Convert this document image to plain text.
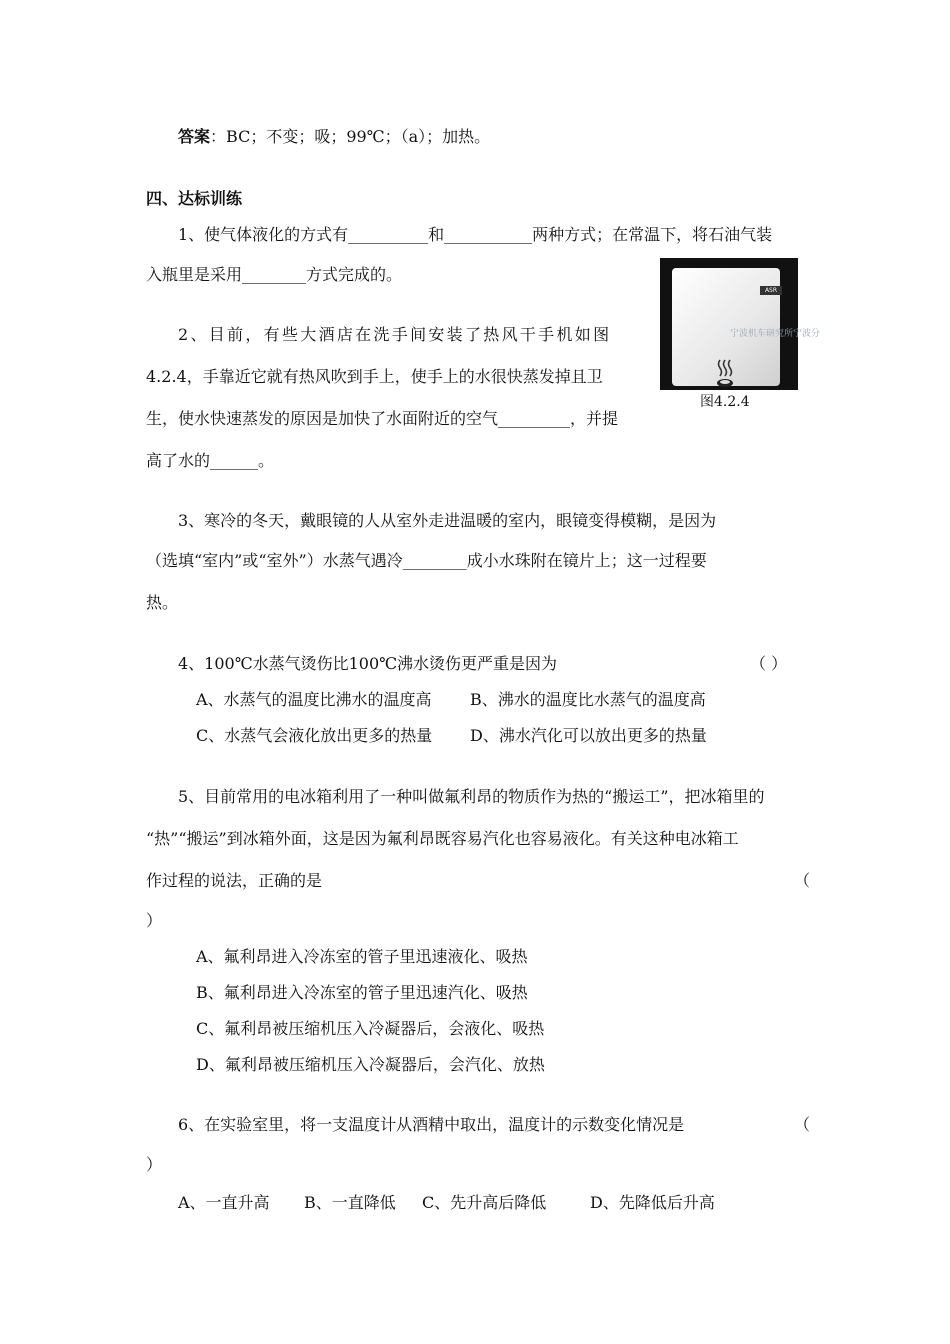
答案：BC；不变；吸；99℃；（a）；加热。
四、达标训练
1、使气体液化的方式有__________和___________两种方式；在常温下，将石油气装
入瓶里是采用________方式完成的。
ASR
宁波机车研究所宁波分
图4.2.4
2、目前，有些大酒店在洗手间安装了热风干手机如图
4.2.4，手靠近它就有热风吹到手上，使手上的水很快蒸发掉且卫
生，使水快速蒸发的原因是加快了水面附近的空气_________，并提
高了水的______。
3、寒冷的冬天，戴眼镜的人从室外走进温暖的室内，眼镜变得模糊，是因为
（选填“室内”或“室外”）水蒸气遇冷________成小水珠附在镜片上；这一过程要
热。
4、100℃水蒸气烫伤比100℃沸水烫伤更严重是因为	（ ）
A、水蒸气的温度比沸水的温度高 B、沸水的温度比水蒸气的温度高
C、水蒸气会液化放出更多的热量 D、沸水汽化可以放出更多的热量
5、目前常用的电冰箱利用了一种叫做氟利昂的物质作为热的“搬运工”，把冰箱里的
“热”“搬运”到冰箱外面，这是因为氟利昂既容易汽化也容易液化。有关这种电冰箱工
作过程的说法，正确的是	（
）
A、氟利昂进入冷冻室的管子里迅速液化、吸热
B、氟利昂进入冷冻室的管子里迅速汽化、吸热
C、氟利昂被压缩机压入冷凝器后，会液化、吸热
D、氟利昂被压缩机压入冷凝器后，会汽化、放热
6、在实验室里，将一支温度计从酒精中取出，温度计的示数变化情况是	（
）
A、一直升高 B、一直降低 C、先升高后降低	D、先降低后升高
